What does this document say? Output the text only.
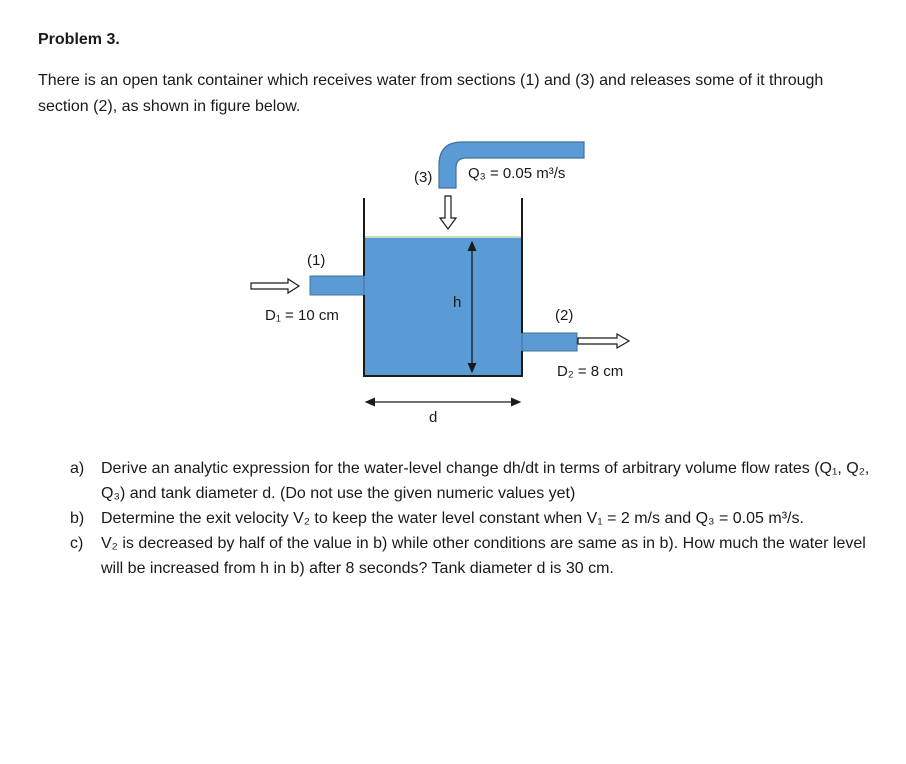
Problem 3.
There is an open tank container which receives water from sections (1) and (3) and releases some of it through section (2), as shown in figure below.
(1)
D₁ = 10 cm
(3) Q₃ = 0.05 m³/s
h
(2)
D₂ = 8 cm
d
a) Derive an analytic expression for the water-level change dh/dt in terms of arbitrary volume flow rates (Q₁, Q₂, Q₃) and tank diameter d. (Do not use the given numeric values yet)
b) Determine the exit velocity V₂ to keep the water level constant when V₁ = 2 m/s and Q₃ = 0.05 m³/s.
c) V₂ is decreased by half of the value in b) while other conditions are same as in b). How much the water level will be increased from h in b) after 8 seconds? Tank diameter d is 30 cm.
